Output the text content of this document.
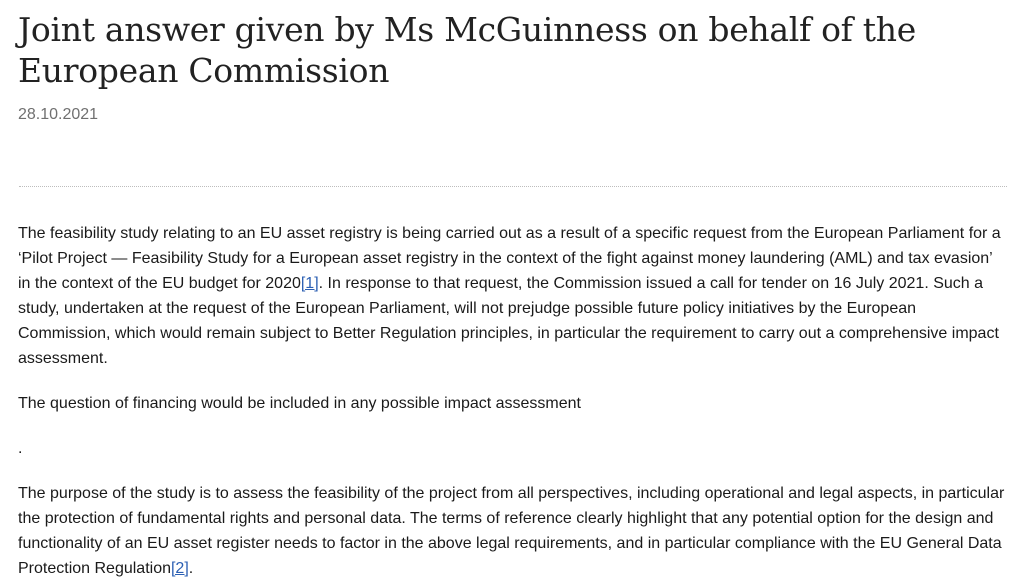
Joint answer given by Ms McGuinness on behalf of the European Commission
28.10.2021

The feasibility study relating to an EU asset registry is being carried out as a result of a specific request from the European Parliament for a ‘Pilot Project — Feasibility Study for a European asset registry in the context of the fight against money laundering (AML) and tax evasion’ in the context of the EU budget for 2020[1]. In response to that request, the Commission issued a call for tender on 16 July 2021. Such a study, undertaken at the request of the European Parliament, will not prejudge possible future policy initiatives by the European Commission, which would remain subject to Better Regulation principles, in particular the requirement to carry out a comprehensive impact assessment.

The question of financing would be included in any possible impact assessment

.

The purpose of the study is to assess the feasibility of the project from all perspectives, including operational and legal aspects, in particular the protection of fundamental rights and personal data. The terms of reference clearly highlight that any potential option for the design and functionality of an EU asset register needs to factor in the above legal requirements, and in particular compliance with the EU General Data Protection Regulation[2].
